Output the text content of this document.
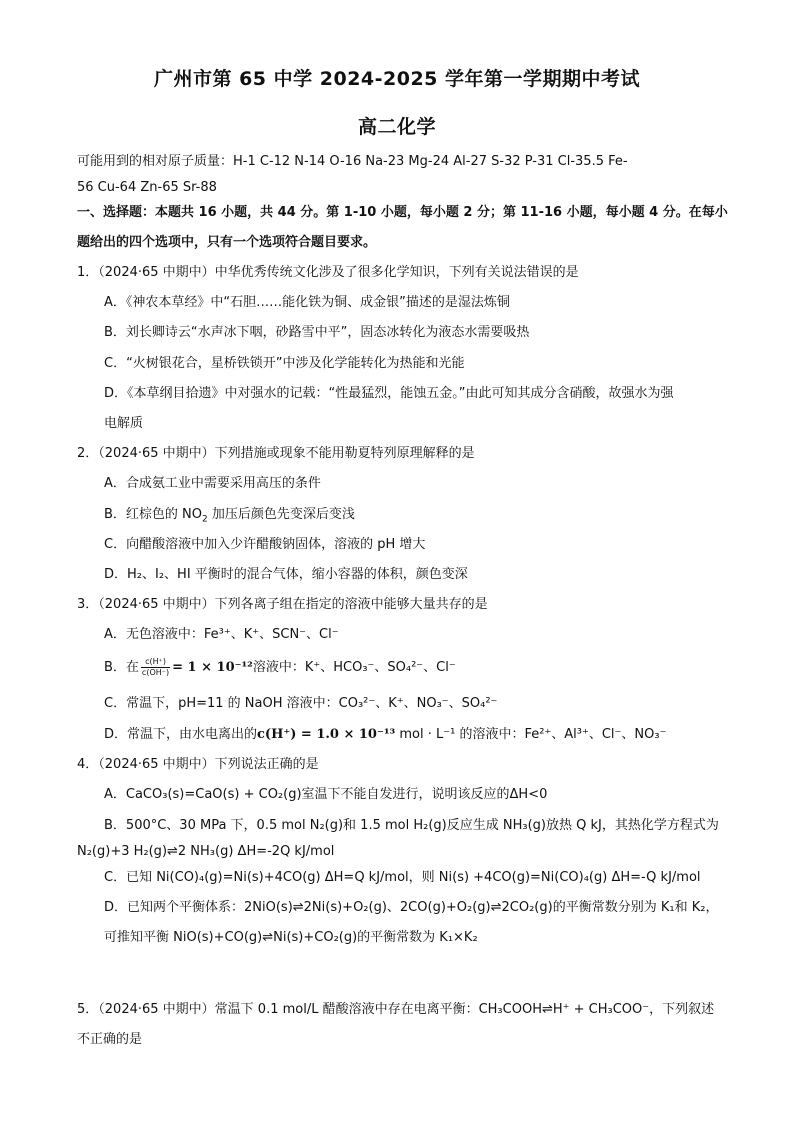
广州市第 65 中学 2024-2025 学年第一学期期中考试
高二化学
可能用到的相对原子质量：H-1 C-12 N-14 O-16 Na-23 Mg-24 Al-27 S-32 P-31 Cl-35.5 Fe-
56 Cu-64 Zn-65 Sr-88
一、选择题：本题共 16 小题，共 44 分。第 1-10 小题，每小题 2 分；第 11-16 小题，每小题 4 分。在每小
题给出的四个选项中，只有一个选项符合题目要求。
1．（2024·65 中期中）中华优秀传统文化涉及了很多化学知识，下列有关说法错误的是
A．《神农本草经》中“石胆……能化铁为铜、成金银”描述的是湿法炼铜
B．刘长卿诗云“水声冰下咽，砂路雪中平”，固态冰转化为液态水需要吸热
C．“火树银花合，星桥铁锁开”中涉及化学能转化为热能和光能
D．《本草纲目拾遗》中对强水的记载：“性最猛烈，能蚀五金。”由此可知其成分含硝酸，故强水为强
电解质
2．（2024·65 中期中）下列措施或现象不能用勒夏特列原理解释的是
A．合成氨工业中需要采用高压的条件
B．红棕色的 $NO_2$ 加压后颜色先变深后变浅
C．向醋酸溶液中加入少许醋酸钠固体，溶液的 pH 增大
D．H₂、I₂、HI 平衡时的混合气体，缩小容器的体积，颜色变深
3．（2024·65 中期中）下列各离子组在指定的溶液中能够大量共存的是
A．无色溶液中：Fe³⁺、K⁺、SCN⁻、Cl⁻
B．在 $\frac{c(H^+)}{c(OH^-)} = 1 \times 10^{-12}$溶液中：K⁺、HCO₃⁻、SO₄²⁻、Cl⁻
C．常温下，pH=11 的 NaOH 溶液中：CO₃²⁻、K⁺、NO₃⁻、SO₄²⁻
D．常温下，由水电离出的c(H⁺) = 1.0 × 10⁻¹³ mol · L⁻¹ 的溶液中：Fe²⁺、Al³⁺、Cl⁻、NO₃⁻
4．（2024·65 中期中）下列说法正确的是
A．CaCO₃(s)=CaO(s) + CO₂(g)室温下不能自发进行，说明该反应的ΔH<0
B．500°C、30 MPa 下，0.5 mol N₂(g)和 1.5 mol H₂(g)反应生成 NH₃(g)放热 Q kJ，其热化学方程式为
N₂(g)+3 H₂(g)⇌2 NH₃(g) ΔH=-2Q kJ/mol
C．已知 Ni(CO)₄(g)=Ni(s)+4CO(g) ΔH=Q kJ/mol，则 Ni(s) +4CO(g)=Ni(CO)₄(g) ΔH=-Q kJ/mol
D．已知两个平衡体系：2NiO(s)⇌2Ni(s)+O₂(g)、2CO(g)+O₂(g)⇌2CO₂(g)的平衡常数分别为 K₁和 K₂，
可推知平衡 NiO(s)+CO(g)⇌Ni(s)+CO₂(g)的平衡常数为 K₁×K₂
5．（2024·65 中期中）常温下 0.1 mol/L 醋酸溶液中存在电离平衡：CH₃COOH⇌H⁺ + CH₃COO⁻，下列叙述
不正确的是
